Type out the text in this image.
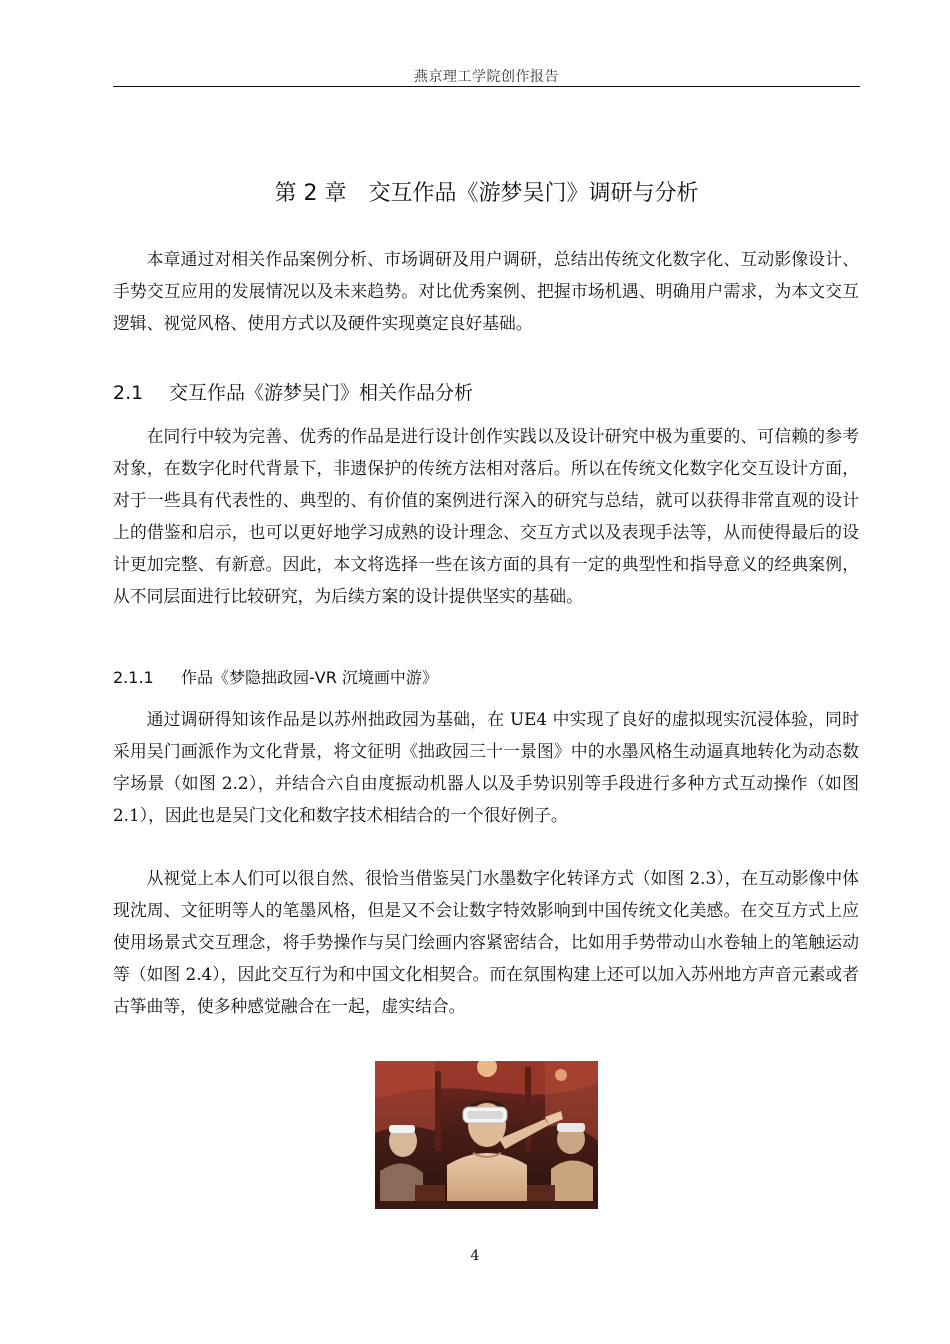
燕京理工学院创作报告
第 2 章　交互作品《游梦吴门》调研与分析

本章通过对相关作品案例分析、市场调研及用户调研，总结出传统文化数字化、互动影像设计、手势交互应用的发展情况以及未来趋势。对比优秀案例、把握市场机遇、明确用户需求，为本文交互逻辑、视觉风格、使用方式以及硬件实现奠定良好基础。

2.1 交互作品《游梦吴门》相关作品分析

在同行中较为完善、优秀的作品是进行设计创作实践以及设计研究中极为重要的、可信赖的参考对象，在数字化时代背景下，非遗保护的传统方法相对落后。所以在传统文化数字化交互设计方面，对于一些具有代表性的、典型的、有价值的案例进行深入的研究与总结，就可以获得非常直观的设计上的借鉴和启示，也可以更好地学习成熟的设计理念、交互方式以及表现手法等，从而使得最后的设计更加完整、有新意。因此，本文将选择一些在该方面的具有一定的典型性和指导意义的经典案例，从不同层面进行比较研究，为后续方案的设计提供坚实的基础。

2.1.1 作品《梦隐拙政园-VR 沉境画中游》

通过调研得知该作品是以苏州拙政园为基础，在 UE4 中实现了良好的虚拟现实沉浸体验，同时采用吴门画派作为文化背景，将文征明《拙政园三十一景图》中的水墨风格生动逼真地转化为动态数字场景（如图 2.2），并结合六自由度振动机器人以及手势识别等手段进行多种方式互动操作（如图 2.1），因此也是吴门文化和数字技术相结合的一个很好例子。

从视觉上本人们可以很自然、很恰当借鉴吴门水墨数字化转译方式（如图 2.3），在互动影像中体现沈周、文征明等人的笔墨风格，但是又不会让数字特效影响到中国传统文化美感。在交互方式上应使用场景式交互理念，将手势操作与吴门绘画内容紧密结合，比如用手势带动山水卷轴上的笔触运动等（如图 2.4），因此交互行为和中国文化相契合。而在氛围构建上还可以加入苏州地方声音元素或者古筝曲等，使多种感觉融合在一起，虚实结合。

4
